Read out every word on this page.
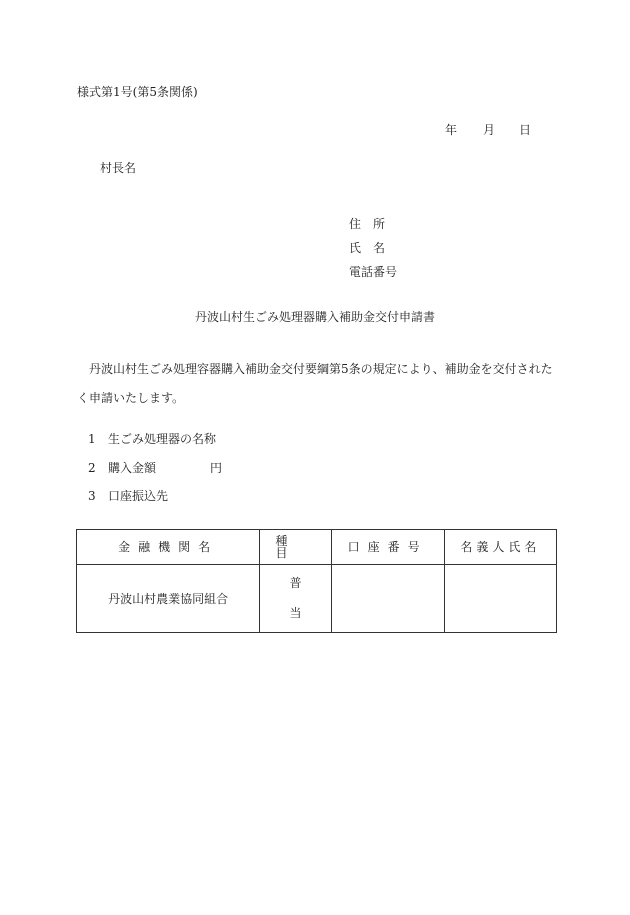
様式第1号(第5条関係)
年 月 日
村長名
住所
氏名
電話番号
丹波山村生ごみ処理器購入補助金交付申請書
丹波山村生ごみ処理容器購入補助金交付要綱第5条の規定により、補助金を交付されたく申請いたします。
1 生ごみ処理器の名称
2 購入金額	円
3 口座振込先
金融機関名	種目	口座番号	名義人氏名
丹波山村農業協同組合	普
当		
